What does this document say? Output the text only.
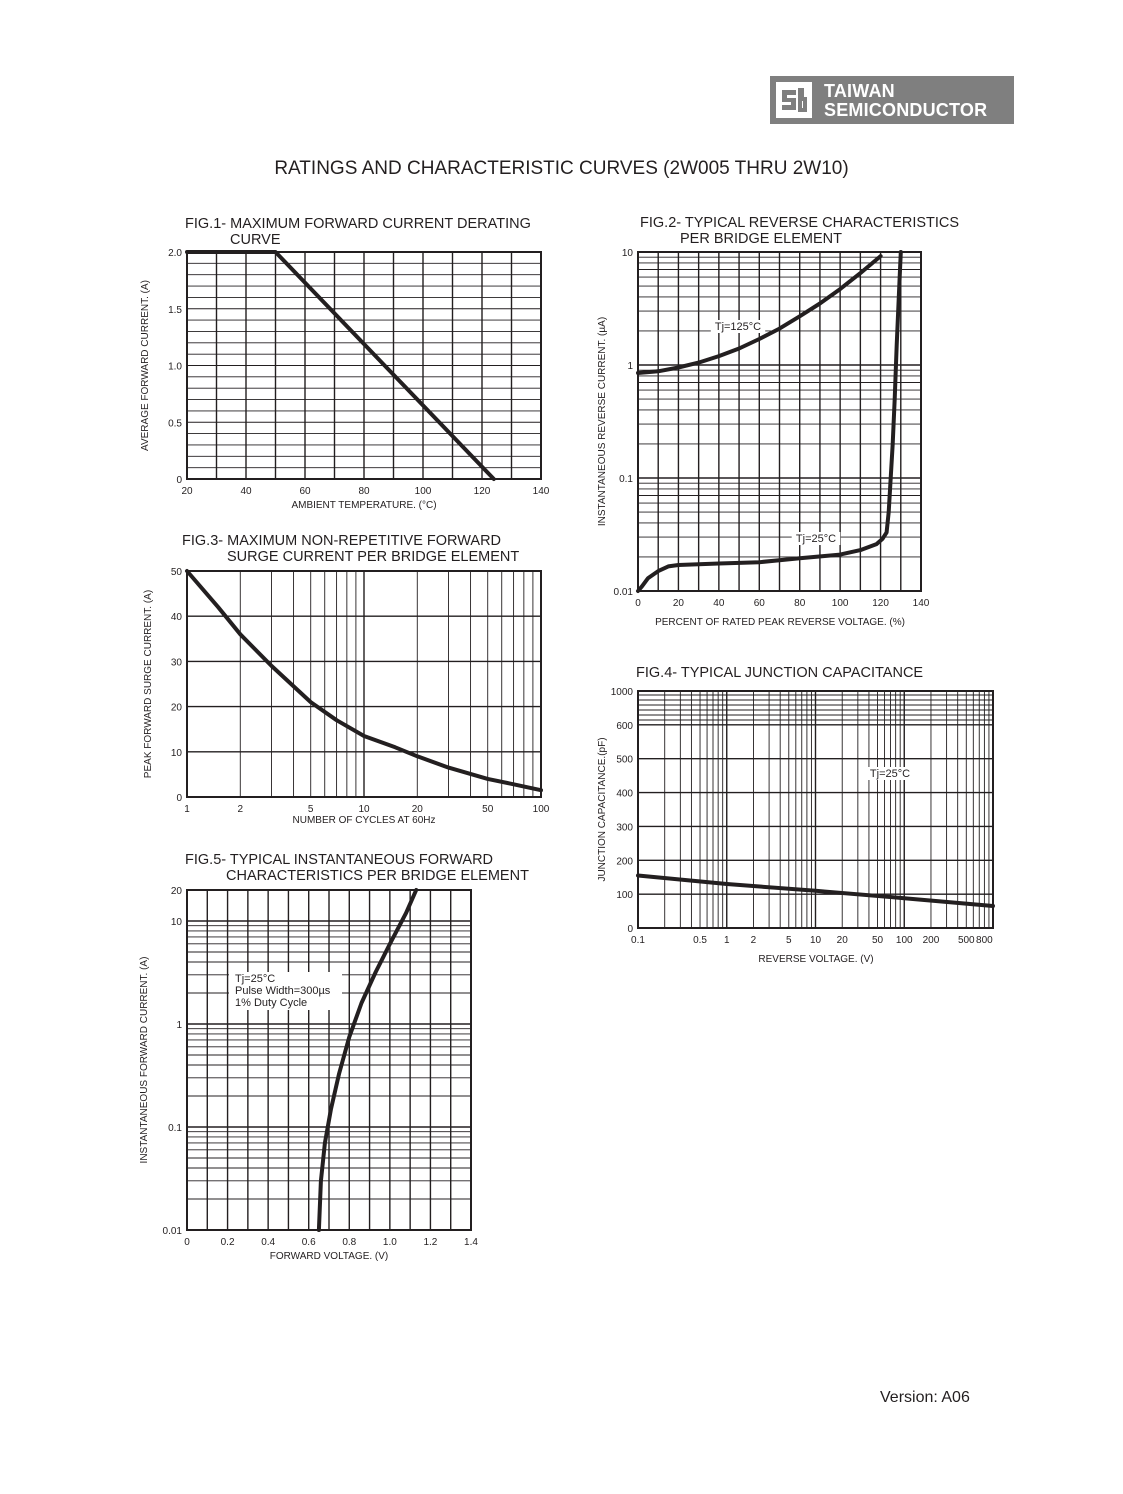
TAIWAN
SEMICONDUCTOR
RATINGS AND CHARACTERISTIC CURVES (2W005 THRU 2W10)
20	40	60	80	100	120	140
0
0.5
1.0
1.5
2.0
FIG.1- MAXIMUM FORWARD CURRENT DERATING
CURVE
AMBIENT TEMPERATURE. (°C)
AVERAGE FORWARD CURRENT. (A)
0	20	40	60	80	100 120 140
0.01
0.1
1
10
FIG.2- TYPICAL REVERSE CHARACTERISTICS
PER BRIDGE ELEMENT
PERCENT OF RATED PEAK REVERSE VOLTAGE. (%)
INSTANTANEOUS REVERSE CURRENT. (µA)	Tj=125°C
Tj=25°C
1	2	5	10	20	50	100
0
10
20
30
40
50
FIG.3- MAXIMUM NON-REPETITIVE FORWARD
SURGE CURRENT PER BRIDGE ELEMENT
NUMBER OF CYCLES AT 60Hz
PEAK FORWARD SURGE CURRENT. (A)
0.1	0.5 1 2	5 10 20 50 100 200 500 800
0
100
200
300
400
500
600
1000
FIG.4- TYPICAL JUNCTION CAPACITANCE
REVERSE VOLTAGE. (V)
JUNCTION CAPACITANCE.(pF)	Tj=25°C
0	0.2	0.4	0.6	0.8	1.0	1.2	1.4
0.01
0.1
1
10
20
FIG.5- TYPICAL INSTANTANEOUS FORWARD
CHARACTERISTICS PER BRIDGE ELEMENT
FORWARD VOLTAGE. (V)
INSTANTANEOUS FORWARD CURRENT. (A)	Tj=25°C
Pulse Width=300µs
1% Duty Cycle
Version: A06
